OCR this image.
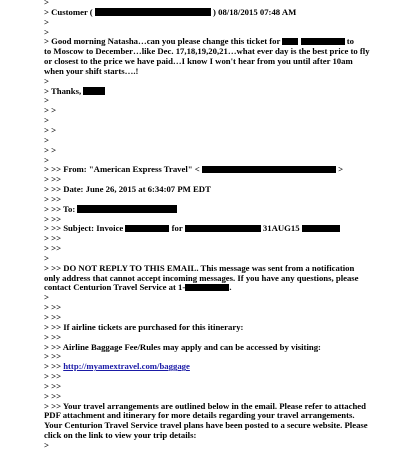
>
> Customer (	) 08/18/2015 07:48 AM
>
>
> Good morning Natasha…can you please change this ticket for	to
to Moscow to December…like Dec. 17,18,19,20,21…what ever day is the best price to fly
or closest to the price we have paid…I know I won't hear from you until after 10am
when your shift starts….!
>
> Thanks,
>
> >
>
> >
>
> >
>
> >> From: "American Express Travel" <	>
> >>
> >> Date: June 26, 2015 at 6:34:07 PM EDT
> >>
> >> To:
> >>
> >> Subject: Invoice	for	31AUG15
> >>
> >>
>
> >> DO NOT REPLY TO THIS EMAIL. This message was sent from a notification
only address that cannot accept incoming messages. If you have any questions, please
contact Centurion Travel Service at 1-	.
>
> >>
> >>
> >> If airline tickets are purchased for this itinerary:
> >>
> >> Airline Baggage Fee/Rules may apply and can be accessed by visiting:
> >>
> >> http://myamextravel.com/baggage
> >>
> >>
> >>
> >> Your travel arrangements are outlined below in the email. Please refer to attached
PDF attachment and itinerary for more details regarding your travel arrangements.
Your Centurion Travel Service travel plans have been posted to a secure website. Please
click on the link to view your trip details:
>
